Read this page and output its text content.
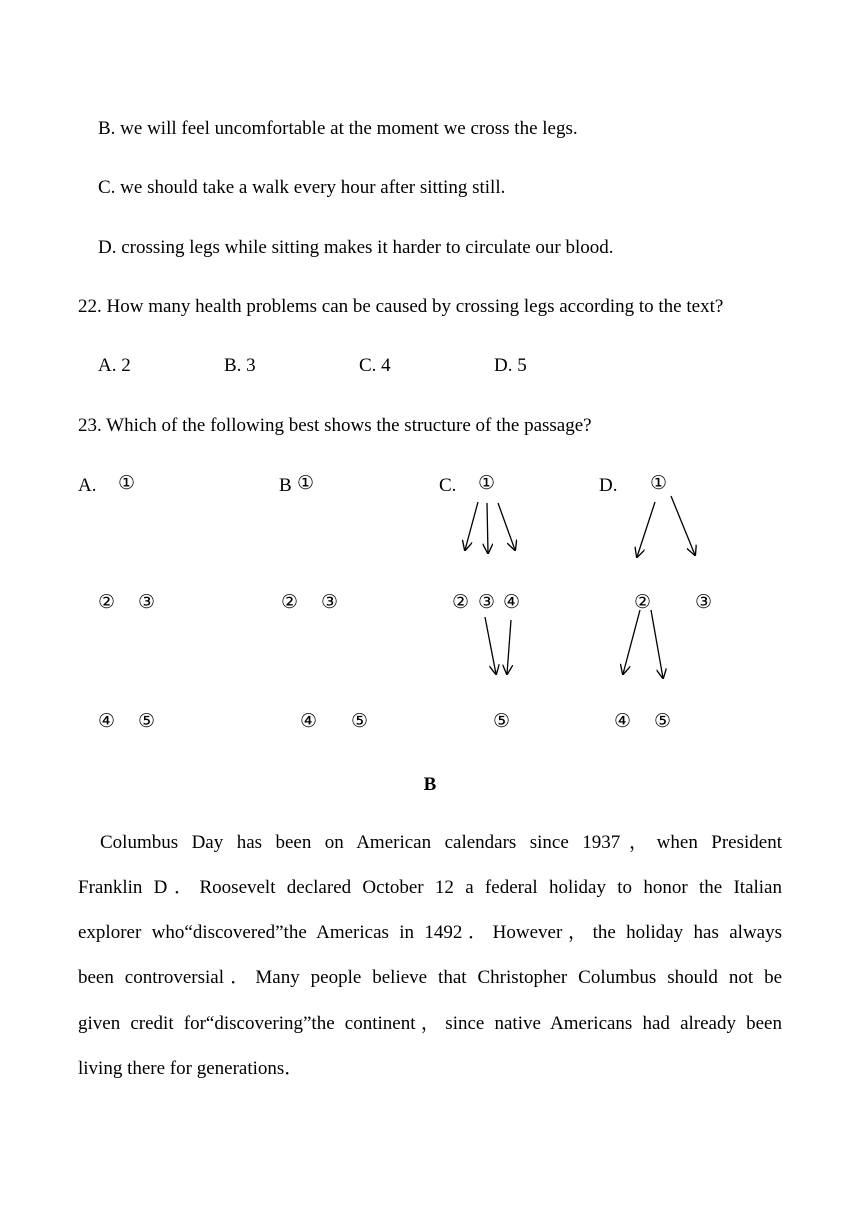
B. we will feel uncomfortable at the moment we cross the legs.
C. we should take a walk every hour after sitting still.
D. crossing legs while sitting makes it harder to circulate our blood.
22. How many health problems can be caused by crossing legs according to the text?
A. 2	B. 3	C. 4	D. 5
23. Which of the following best shows the structure of the passage?
A.	B	C.	D.
①
② ③
④ ⑤
①
② ③
④ ⑤
①
② ③ ④
⑤
①
② ③
④ ⑤
B
Columbus Day has been on American calendars since 1937，when President
Franklin D．Roosevelt declared October 12 a federal holiday to honor the Italian
explorer who“discovered”the Americas in 1492．However，the holiday has always
been controversial．Many people believe that Christopher Columbus should not be
given credit for“discovering”the continent，since native Americans had already been
living there for generations．
